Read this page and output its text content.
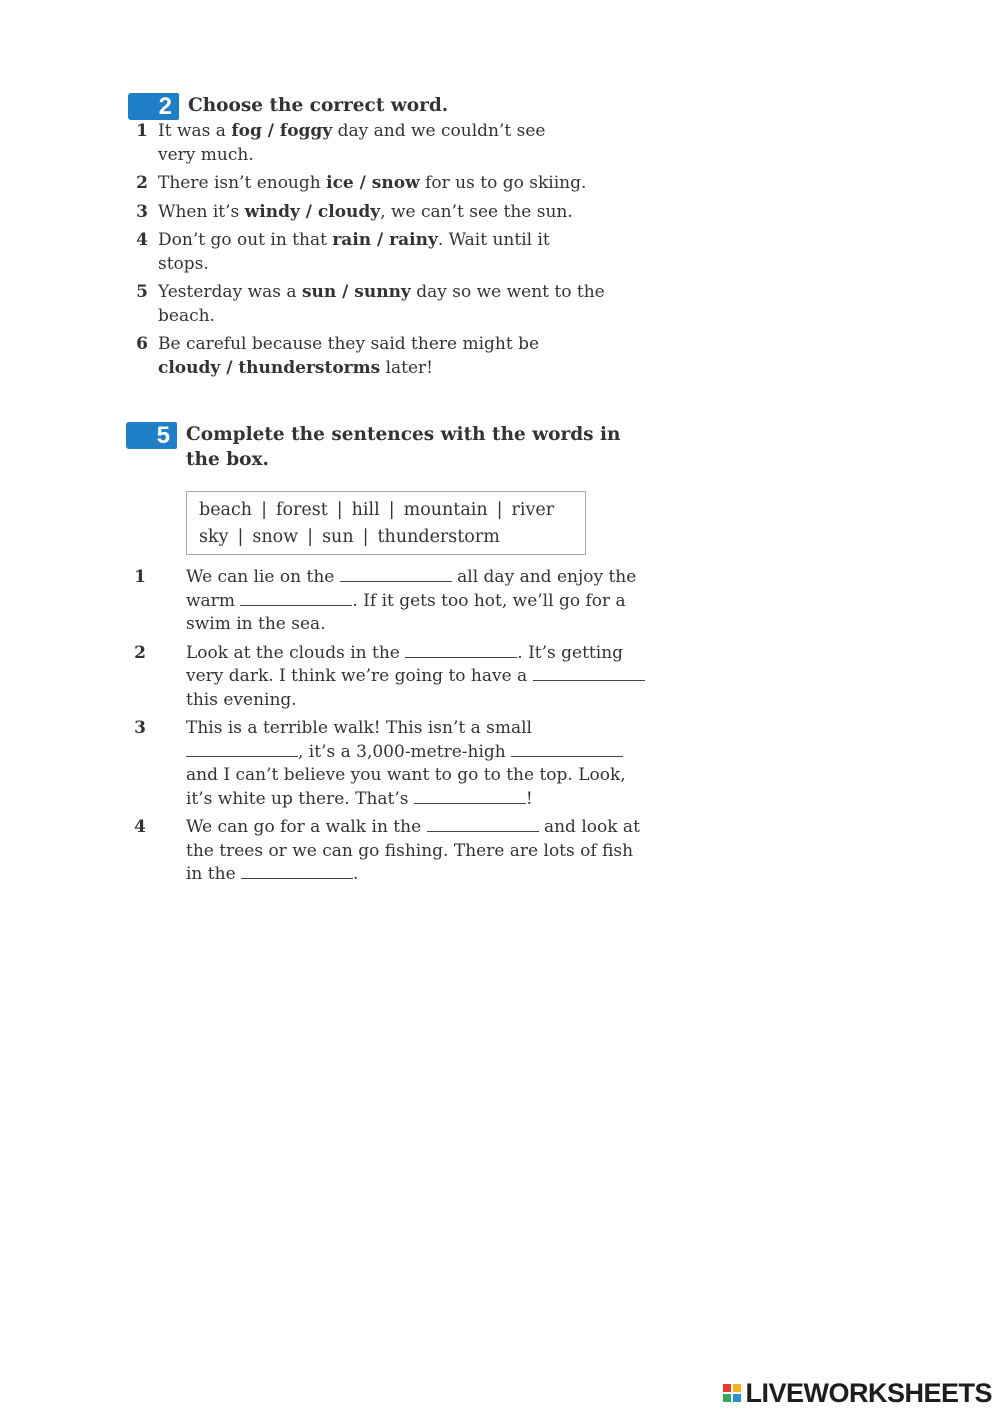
2 Choose the correct word.
1 It was a fog / foggy day and we couldn’t see very much.
2 There isn’t enough ice / snow for us to go skiing.
3 When it’s windy / cloudy, we can’t see the sun.
4 Don’t go out in that rain / rainy. Wait until it stops.
5 Yesterday was a sun / sunny day so we went to the beach.
6 Be careful because they said there might be cloudy / thunderstorms later!
5 Complete the sentences with the words in
the box.
beach | forest | hill | mountain | river
sky | snow | sun | thunderstorm
1 We can lie on the	all day and enjoy the warm	. If it gets too hot, we’ll go for a swim in the sea.
2 Look at the clouds in the	. It’s getting very dark. I think we’re going to have a  this evening.
3 This is a terrible walk! This isn’t a small , it’s a 3,000-metre-high  and I can’t believe you want to go to the top. Look, it’s white up there. That’s	!
4 We can go for a walk in the	and look at the trees or we can go fishing. There are lots of fish in the	.
LIVEWORKSHEETS
